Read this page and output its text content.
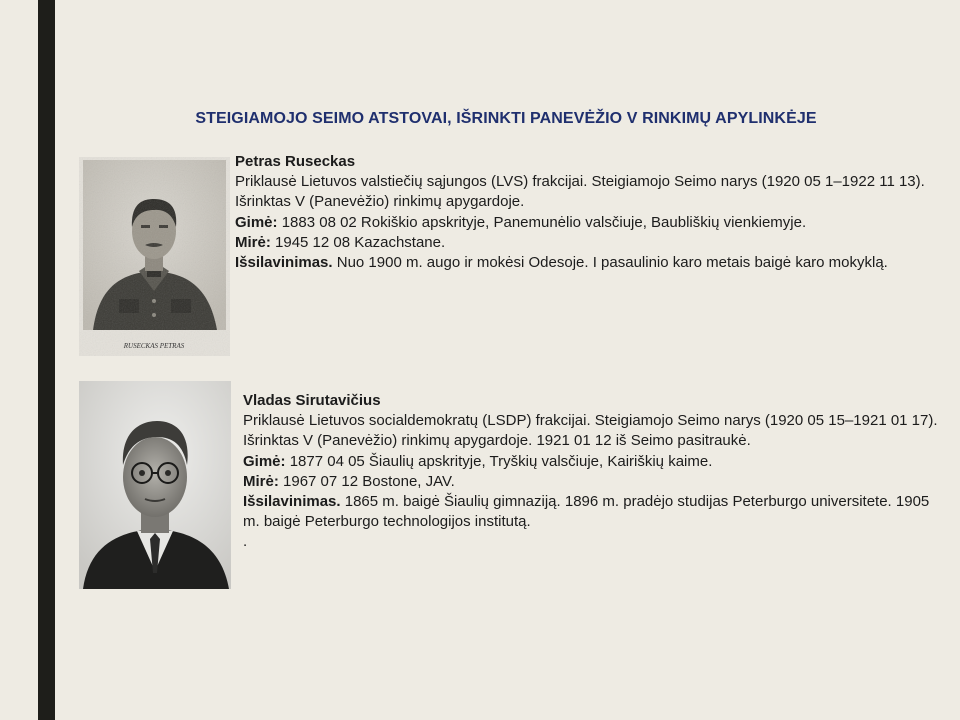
STEIGIAMOJO SEIMO ATSTOVAI, IŠRINKTI PANEVĖŽIO V RINKIMŲ APYLINKĖJE
RUSECKAS PETRAS

Petras Ruseckas

Priklausė Lietuvos valstiečių sąjungos (LVS) frakcijai. Steigiamojo Seimo narys (1920 05 1–1922 11 13). Išrinktas V (Panevėžio) rinkimų apygardoje.

Gimė: 1883 08 02 Rokiškio apskrityje, Panemunėlio valsčiuje, Baubliškių vienkiemyje.

Mirė: 1945 12 08 Kazachstane.

Išsilavinimas. Nuo 1900 m. augo ir mokėsi Odesoje. I pasaulinio karo metais baigė karo mokyklą.

Vladas Sirutavičius

Priklausė Lietuvos socialdemokratų (LSDP) frakcijai. Steigiamojo Seimo narys (1920 05 15–1921 01 17). Išrinktas V (Panevėžio) rinkimų apygardoje. 1921 01 12 iš Seimo pasitraukė.

Gimė: 1877 04 05 Šiaulių apskrityje, Tryškių valsčiuje, Kairiškių kaime.

Mirė: 1967 07 12 Bostone, JAV.

Išsilavinimas. 1865 m. baigė Šiaulių gimnaziją. 1896 m. pradėjo studijas Peterburgo universitete. 1905 m. baigė Peterburgo technologijos institutą.

.
